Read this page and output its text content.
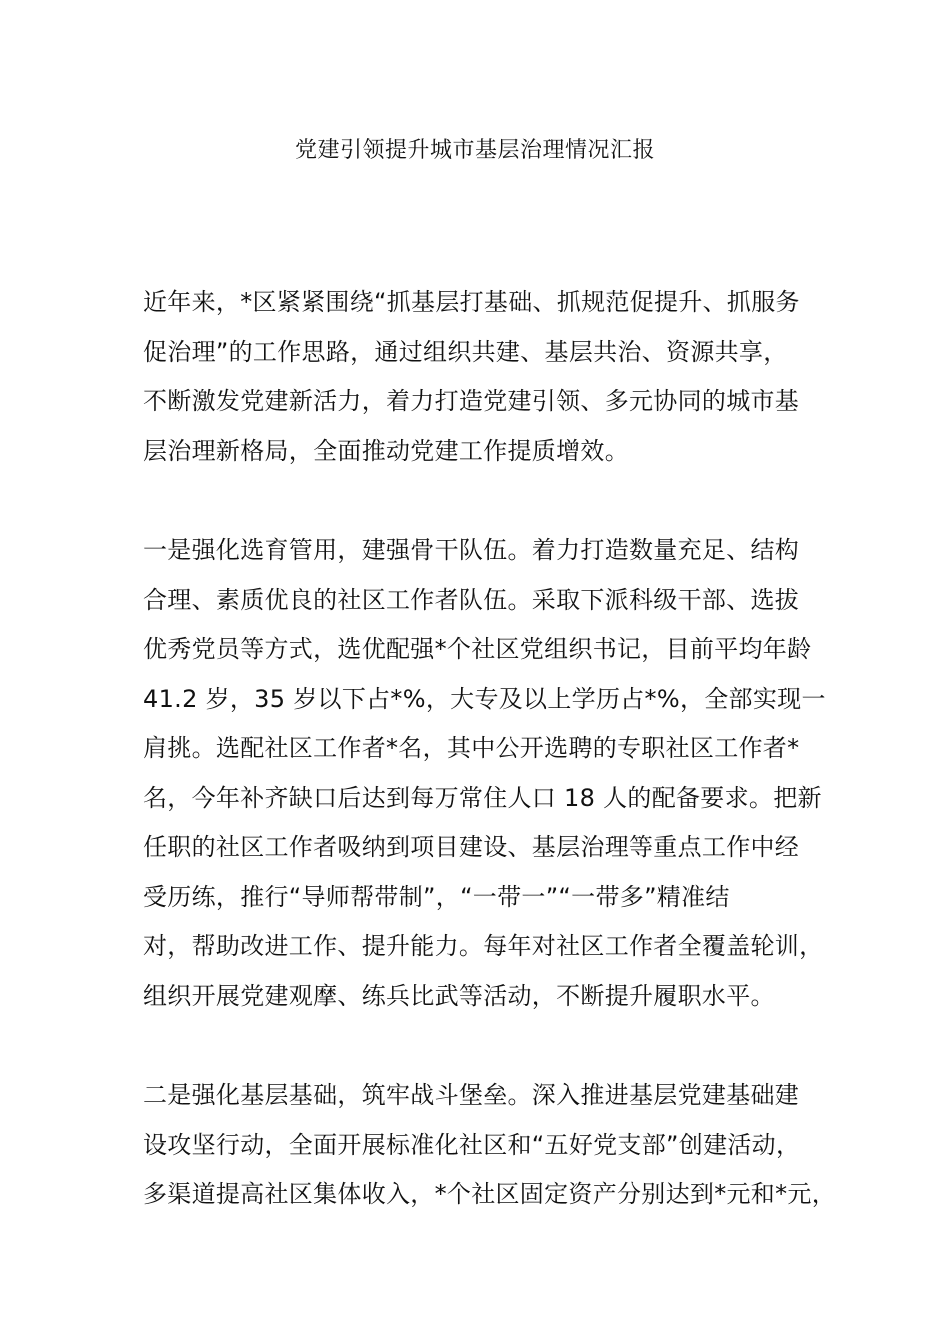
党建引领提升城市基层治理情况汇报
近年来，*区紧紧围绕“抓基层打基础、抓规范促提升、抓服务
促治理”的工作思路，通过组织共建、基层共治、资源共享，
不断激发党建新活力，着力打造党建引领、多元协同的城市基
层治理新格局，全面推动党建工作提质增效。
一是强化选育管用，建强骨干队伍。着力打造数量充足、结构
合理、素质优良的社区工作者队伍。采取下派科级干部、选拔
优秀党员等方式，选优配强*个社区党组织书记，目前平均年龄
41.2 岁，35 岁以下占*%，大专及以上学历占*%，全部实现一
肩挑。选配社区工作者*名，其中公开选聘的专职社区工作者*
名，今年补齐缺口后达到每万常住人口 18 人的配备要求。把新
任职的社区工作者吸纳到项目建设、基层治理等重点工作中经
受历练，推行“导师帮带制”，“一带一”“一带多”精准结
对，帮助改进工作、提升能力。每年对社区工作者全覆盖轮训，
组织开展党建观摩、练兵比武等活动，不断提升履职水平。
二是强化基层基础，筑牢战斗堡垒。深入推进基层党建基础建
设攻坚行动，全面开展标准化社区和“五好党支部”创建活动，
多渠道提高社区集体收入，*个社区固定资产分别达到*元和*元，
